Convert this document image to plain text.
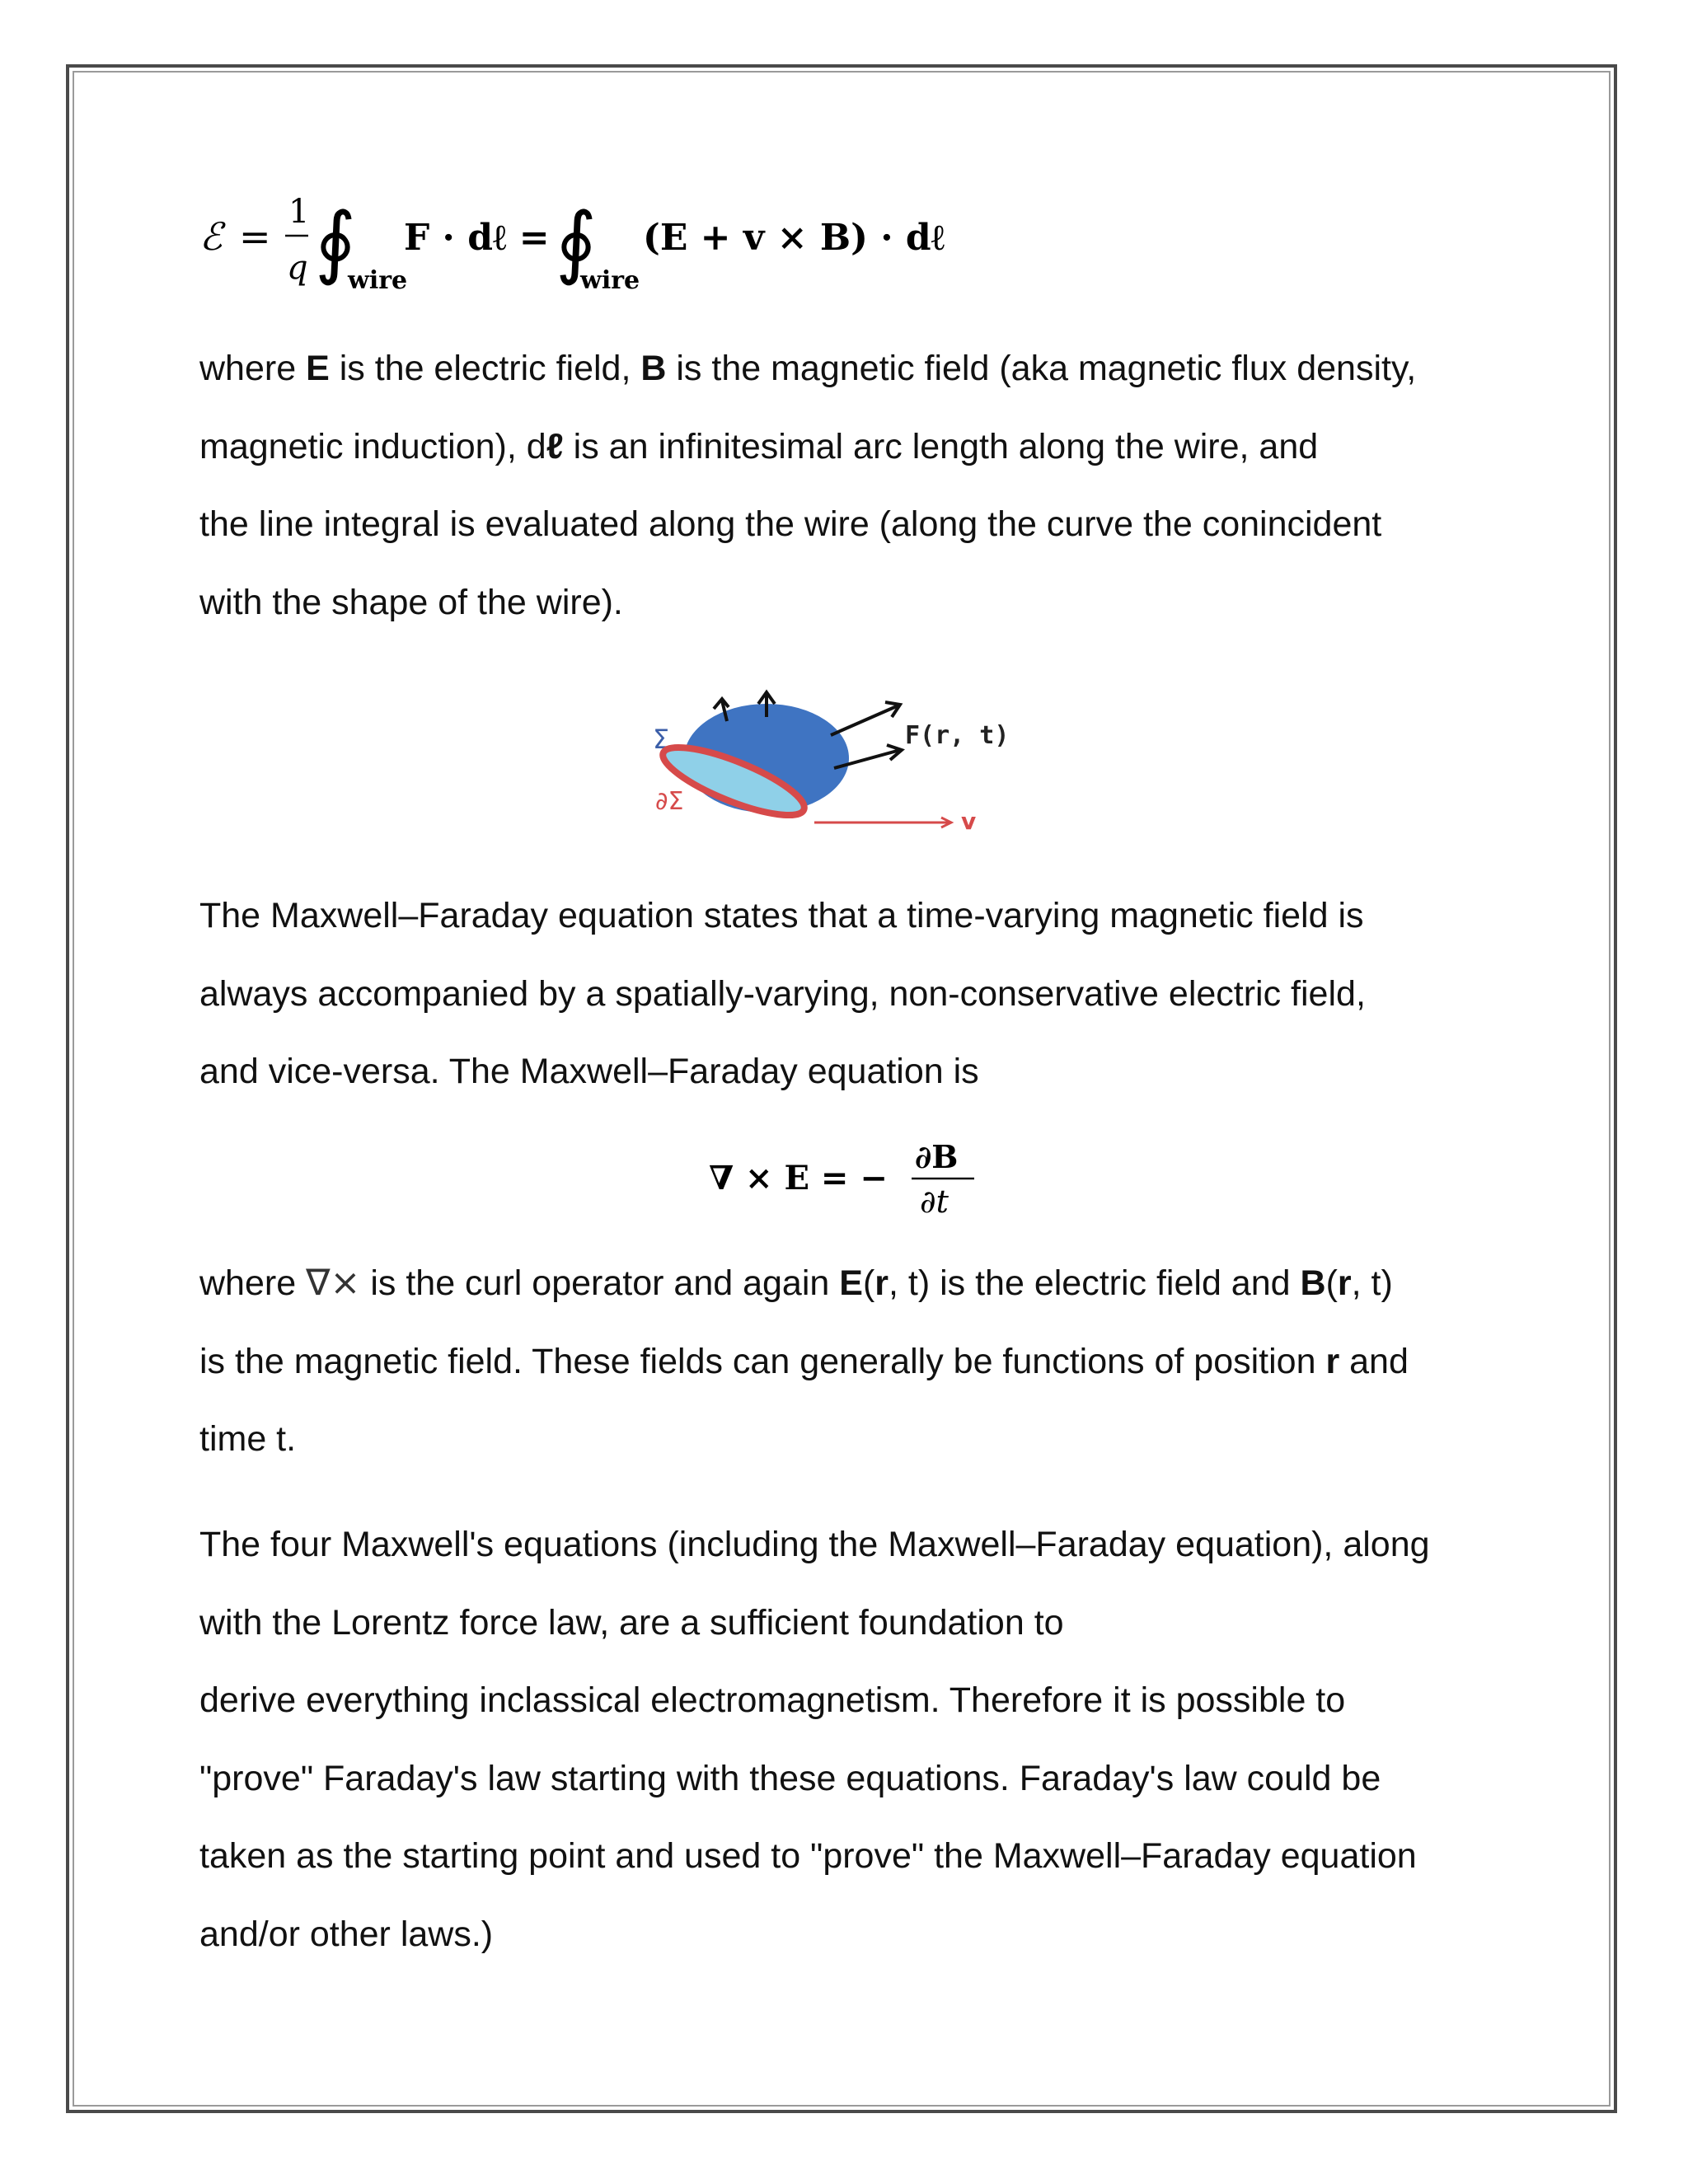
ℰ =
1
q ∮
wire
F · dℓ = ∮
wire
(E + v × B) · dℓ

where E is the electric field, B is the magnetic field (aka magnetic flux density,

magnetic induction), dℓ is an infinitesimal arc length along the wire, and

the line integral is evaluated along the wire (along the curve the conincident

with the shape of the wire).

Σ
∂Σ
F(r, t)
v

The Maxwell–Faraday equation states that a time-varying magnetic field is

always accompanied by a spatially-varying, non-conservative electric field,

and vice-versa. The Maxwell–Faraday equation is

∇ × E = −
∂B
∂t

where ∇× is the curl operator and again E(r, t) is the electric field and B(r, t)

is the magnetic field. These fields can generally be functions of position r and

time t.

The four Maxwell's equations (including the Maxwell–Faraday equation), along

with the Lorentz force law, are a sufficient foundation to

derive everything inclassical electromagnetism. Therefore it is possible to

"prove" Faraday's law starting with these equations. Faraday's law could be

taken as the starting point and used to "prove" the Maxwell–Faraday equation

and/or other laws.)
